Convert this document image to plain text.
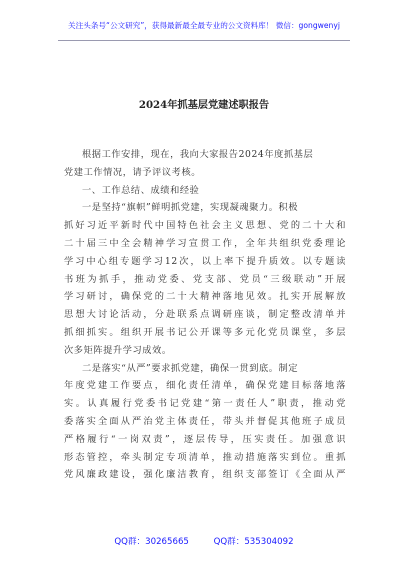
关注头条号“公文研究”，获得最新最全最专业的公文资料库！ 微信：gongwenyj
2024年抓基层党建述职报告
根据工作安排，现在，我向大家报告2024年度抓基层
党建工作情况，请予评议考核。
一、工作总结、成绩和经验
一是坚持“旗帜”鲜明抓党建，实现凝魂聚力。积极
抓好习近平新时代中国特色社会主义思想、党的二十大和
二十届三中全会精神学习宣贯工作，全年共组织党委理论
学习中心组专题学习12次，以上率下提升质效。以专题读
书班为抓手，推动党委、党支部、党员“三级联动”开展
学习研讨，确保党的二十大精神落地见效。扎实开展解放
思想大讨论活动，分赴联系点调研座谈，制定整改清单并
抓细抓实。组织开展书记公开课等多元化党员课堂，多层
次多矩阵提升学习成效。
二是落实“从严”要求抓党建，确保一贯到底。制定
年度党建工作要点，细化责任清单，确保党建目标落地落
实。认真履行党委书记党建“第一责任人”职责，推动党
委落实全面从严治党主体责任，带头并督促其他班子成员
严格履行“一岗双责”，逐层传导，压实责任。加强意识
形态管控，牵头制定专项清单，推动措施落实到位。重抓
党风廉政建设，强化廉洁教育，组织支部签订《全面从严
QQ群：30265665	QQ群：535304092
